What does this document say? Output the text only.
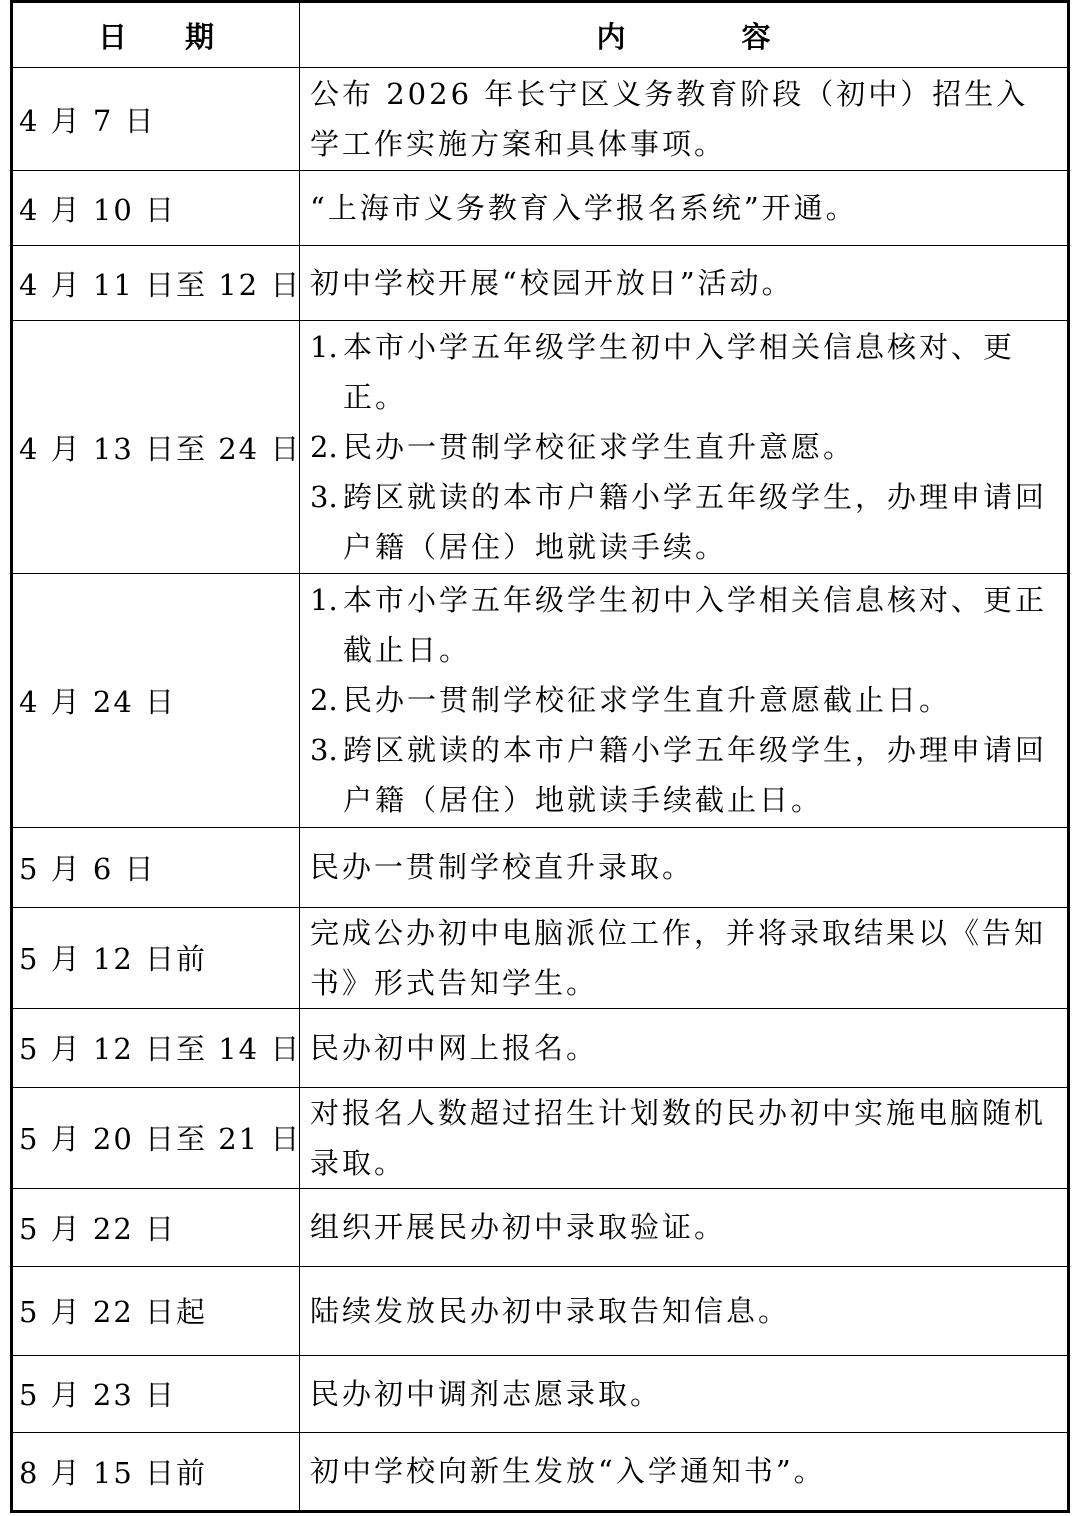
日　　期	内　　　　容
4 月 7 日	公布 2026 年长宁区义务教育阶段（初中）招生入学工作实施方案和具体事项。
4 月 10 日	“上海市义务教育入学报名系统”开通。
4 月 11 日至 12 日	初中学校开展“校园开放日”活动。
4 月 13 日至 24 日	1. 本市小学五年级学生初中入学相关信息核对、更正。
2. 民办一贯制学校征求学生直升意愿。
3. 跨区就读的本市户籍小学五年级学生，办理申请回户籍（居住）地就读手续。

4 月 24 日	1. 本市小学五年级学生初中入学相关信息核对、更正截止日。
2. 民办一贯制学校征求学生直升意愿截止日。
3. 跨区就读的本市户籍小学五年级学生，办理申请回户籍（居住）地就读手续截止日。

5 月 6 日	民办一贯制学校直升录取。
5 月 12 日前	完成公办初中电脑派位工作，并将录取结果以《告知书》形式告知学生。
5 月 12 日至 14 日	民办初中网上报名。
5 月 20 日至 21 日	对报名人数超过招生计划数的民办初中实施电脑随机录取。
5 月 22 日	组织开展民办初中录取验证。
5 月 22 日起	陆续发放民办初中录取告知信息。
5 月 23 日	民办初中调剂志愿录取。
8 月 15 日前	初中学校向新生发放“入学通知书”。
